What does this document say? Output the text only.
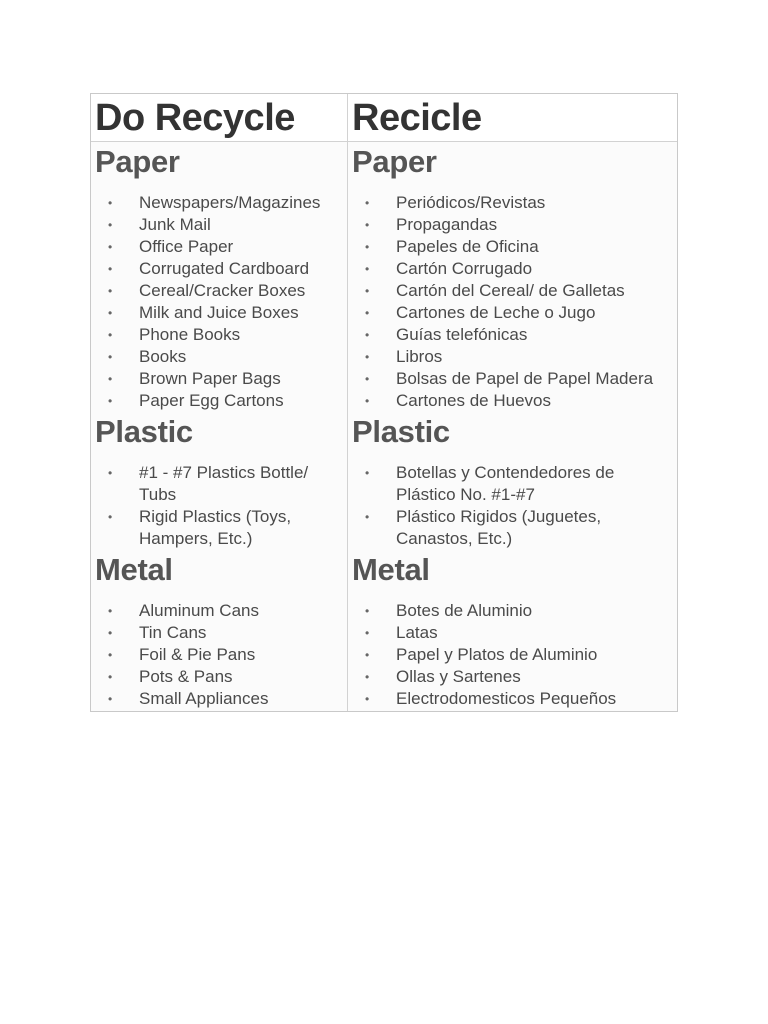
Do Recycle
Paper
• Newspapers/Magazines
• Junk Mail
• Office Paper
• Corrugated Cardboard
• Cereal/Cracker Boxes
• Milk and Juice Boxes
• Phone Books
• Books
• Brown Paper Bags
• Paper Egg Cartons
Plastic
• #1 - #7 Plastics Bottle/ Tubs
• Rigid Plastics (Toys, Hampers, Etc.)
Metal
• Aluminum Cans
• Tin Cans
• Foil & Pie Pans
• Pots & Pans
• Small Appliances
Recicle
Paper
• Periódicos/Revistas
• Propagandas
• Papeles de Oficina
• Cartón Corrugado
• Cartón del Cereal/ de Galletas
• Cartones de Leche o Jugo
• Guías telefónicas
• Libros
• Bolsas de Papel de Papel Madera
• Cartones de Huevos
Plastic
• Botellas y Contendedores de Plástico No. #1-#7
• Plástico Rigidos (Juguetes, Canastos, Etc.)
Metal
• Botes de Aluminio
• Latas
• Papel y Platos de Aluminio
• Ollas y Sartenes
• Electrodomesticos Pequeños
